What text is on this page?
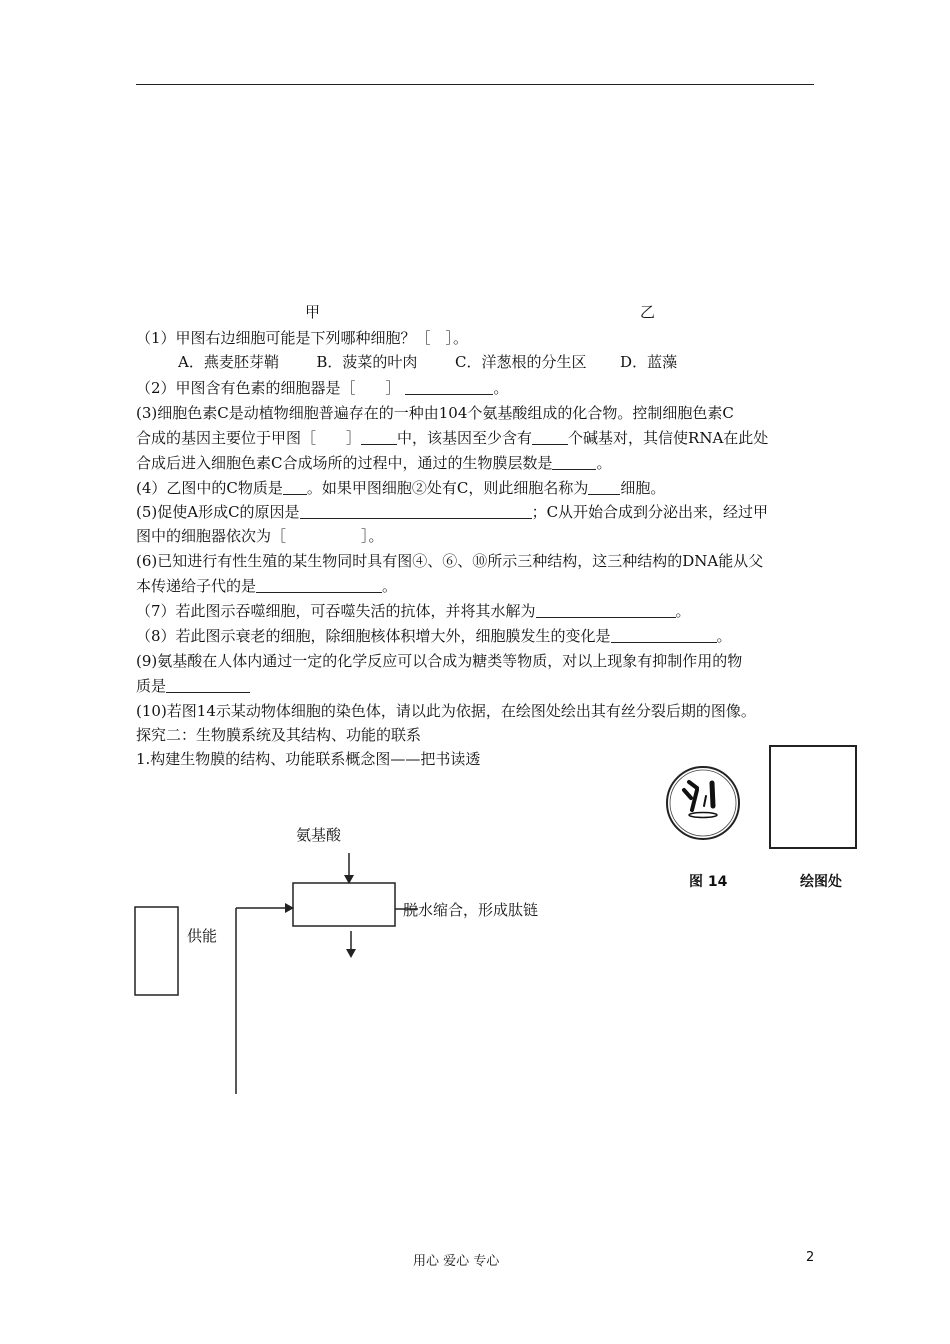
甲	乙
（1）甲图右边细胞可能是下列哪种细胞？［　］。
A．燕麦胚芽鞘	B．菠菜的叶肉	C．洋葱根的分生区 D．蓝藻
（2）甲图含有色素的细胞器是［　　］	。
(3)细胞色素C是动植物细胞普遍存在的一种由104个氨基酸组成的化合物。控制细胞色素C
合成的基因主要位于甲图［　　］ 中，该基因至少含有 个碱基对，其信使RNA在此处
合成后进入细胞色素C合成场所的过程中，通过的生物膜层数是	。
(4）乙图中的C物质是 。如果甲图细胞②处有C，则此细胞名称为 细胞。
(5)促使A形成C的原因是	；C从开始合成到分泌出来，经过甲
图中的细胞器依次为［　　　　　］。
(6)已知进行有性生殖的某生物同时具有图④、⑥、⑩所示三种结构，这三种结构的DNA能从父
本传递给子代的是	。
（7）若此图示吞噬细胞，可吞噬失活的抗体，并将其水解为	。
（8）若此图示衰老的细胞，除细胞核体积增大外，细胞膜发生的变化是	。
(9)氨基酸在人体内通过一定的化学反应可以合成为糖类等物质，对以上现象有抑制作用的物
质是
(10)若图14示某动物体细胞的染色体，请以此为依据，在绘图处绘出其有丝分裂后期的图像。
探究二：生物膜系统及其结构、功能的联系
1.构建生物膜的结构、功能联系概念图——把书读透
图 14	绘图处
氨基酸
脱水缩合，形成肽链
供能
用心 爱心 专心	2
